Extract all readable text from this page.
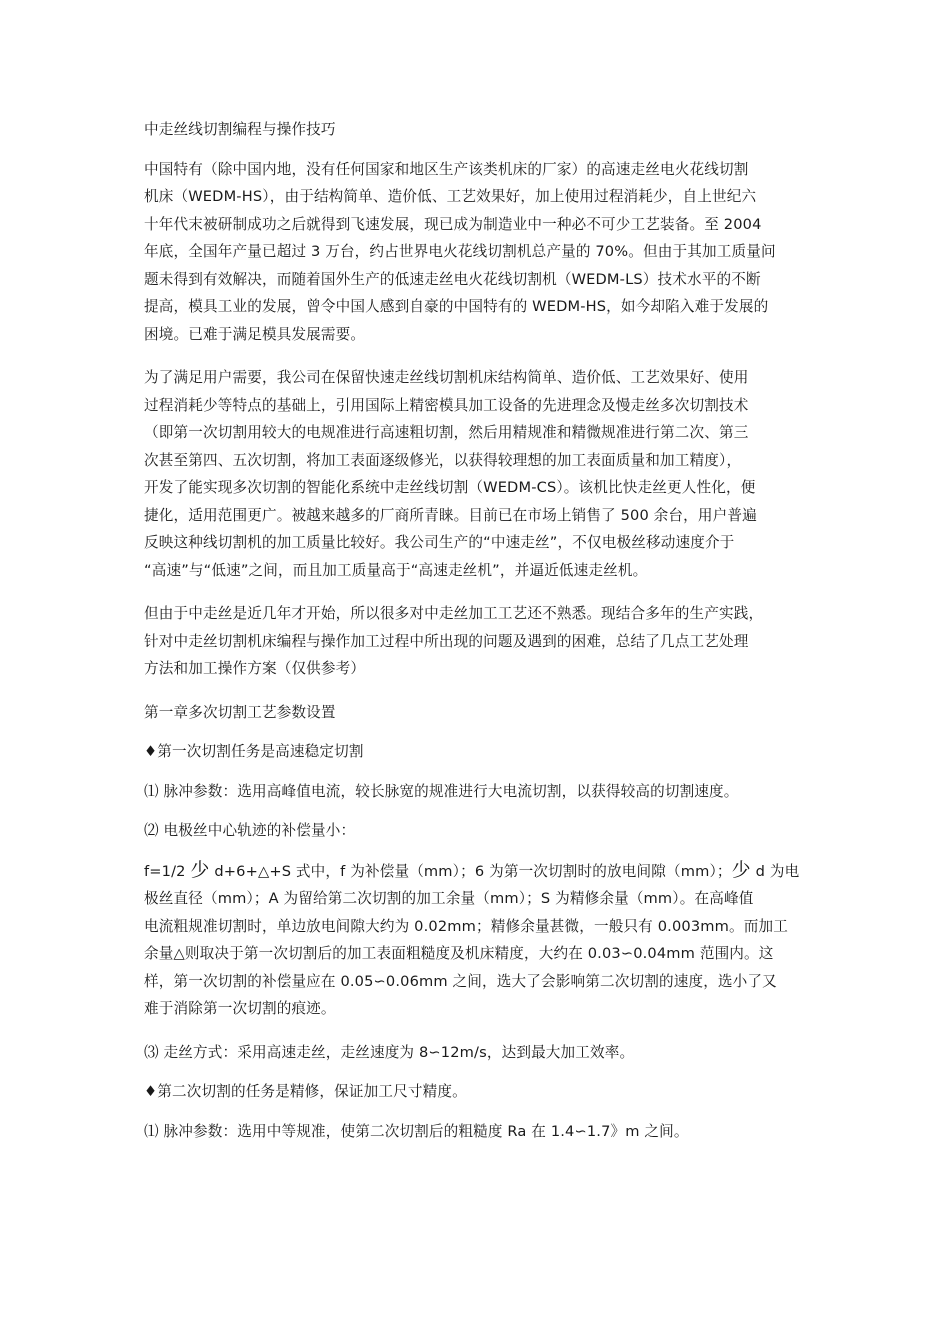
中走丝线切割编程与操作技巧

中国特有（除中国内地，没有任何国家和地区生产该类机床的厂家）的高速走丝电火花线切割
机床（WEDM-HS），由于结构简单、造价低、工艺效果好，加上使用过程消耗少，自上世纪六
十年代末被研制成功之后就得到飞速发展，现已成为制造业中一种必不可少工艺装备。至 2004
年底，全国年产量已超过 3 万台，约占世界电火花线切割机总产量的 70%。但由于其加工质量问
题未得到有效解决，而随着国外生产的低速走丝电火花线切割机（WEDM-LS）技术水平的不断
提高，模具工业的发展，曾令中国人感到自豪的中国特有的 WEDM-HS，如今却陷入难于发展的
困境。已难于满足模具发展需要。

为了满足用户需要，我公司在保留快速走丝线切割机床结构简单、造价低、工艺效果好、使用
过程消耗少等特点的基础上，引用国际上精密模具加工设备的先进理念及慢走丝多次切割技术
（即第一次切割用较大的电规准进行高速粗切割，然后用精规准和精微规准进行第二次、第三
次甚至第四、五次切割，将加工表面逐级修光，以获得较理想的加工表面质量和加工精度），
开发了能实现多次切割的智能化系统中走丝线切割（WEDM-CS）。该机比快走丝更人性化，便
捷化，适用范围更广。被越来越多的厂商所青睐。目前已在市场上销售了 500 余台，用户普遍
反映这种线切割机的加工质量比较好。我公司生产的“中速走丝”，不仅电极丝移动速度介于
“高速”与“低速”之间，而且加工质量高于“高速走丝机”，并逼近低速走丝机。

但由于中走丝是近几年才开始，所以很多对中走丝加工工艺还不熟悉。现结合多年的生产实践，
针对中走丝切割机床编程与操作加工过程中所出现的问题及遇到的困难，总结了几点工艺处理
方法和加工操作方案（仅供参考）

第一章多次切割工艺参数设置

♦第一次切割任务是高速稳定切割

⑴ 脉冲参数：选用高峰值电流，较长脉宽的规准进行大电流切割，以获得较高的切割速度。

⑵ 电极丝中心轨迹的补偿量小：

f=1/2 少 d+6+△+S 式中，f 为补偿量（mm）；6 为第一次切割时的放电间隙（mm）；少 d 为电
极丝直径（mm）；A 为留给第二次切割的加工余量（mm）；S 为精修余量（mm）。在高峰值
电流粗规准切割时，单边放电间隙大约为 0.02mm；精修余量甚微，一般只有 0.003mm。而加工
余量△则取决于第一次切割后的加工表面粗糙度及机床精度，大约在 0.03∽0.04mm 范围内。这
样，第一次切割的补偿量应在 0.05∽0.06mm 之间，选大了会影响第二次切割的速度，选小了又
难于消除第一次切割的痕迹。

⑶ 走丝方式：采用高速走丝，走丝速度为 8∽12m/s，达到最大加工效率。

♦第二次切割的任务是精修，保证加工尺寸精度。

⑴ 脉冲参数：选用中等规准，使第二次切割后的粗糙度 Ra 在 1.4∽1.7》m 之间。
